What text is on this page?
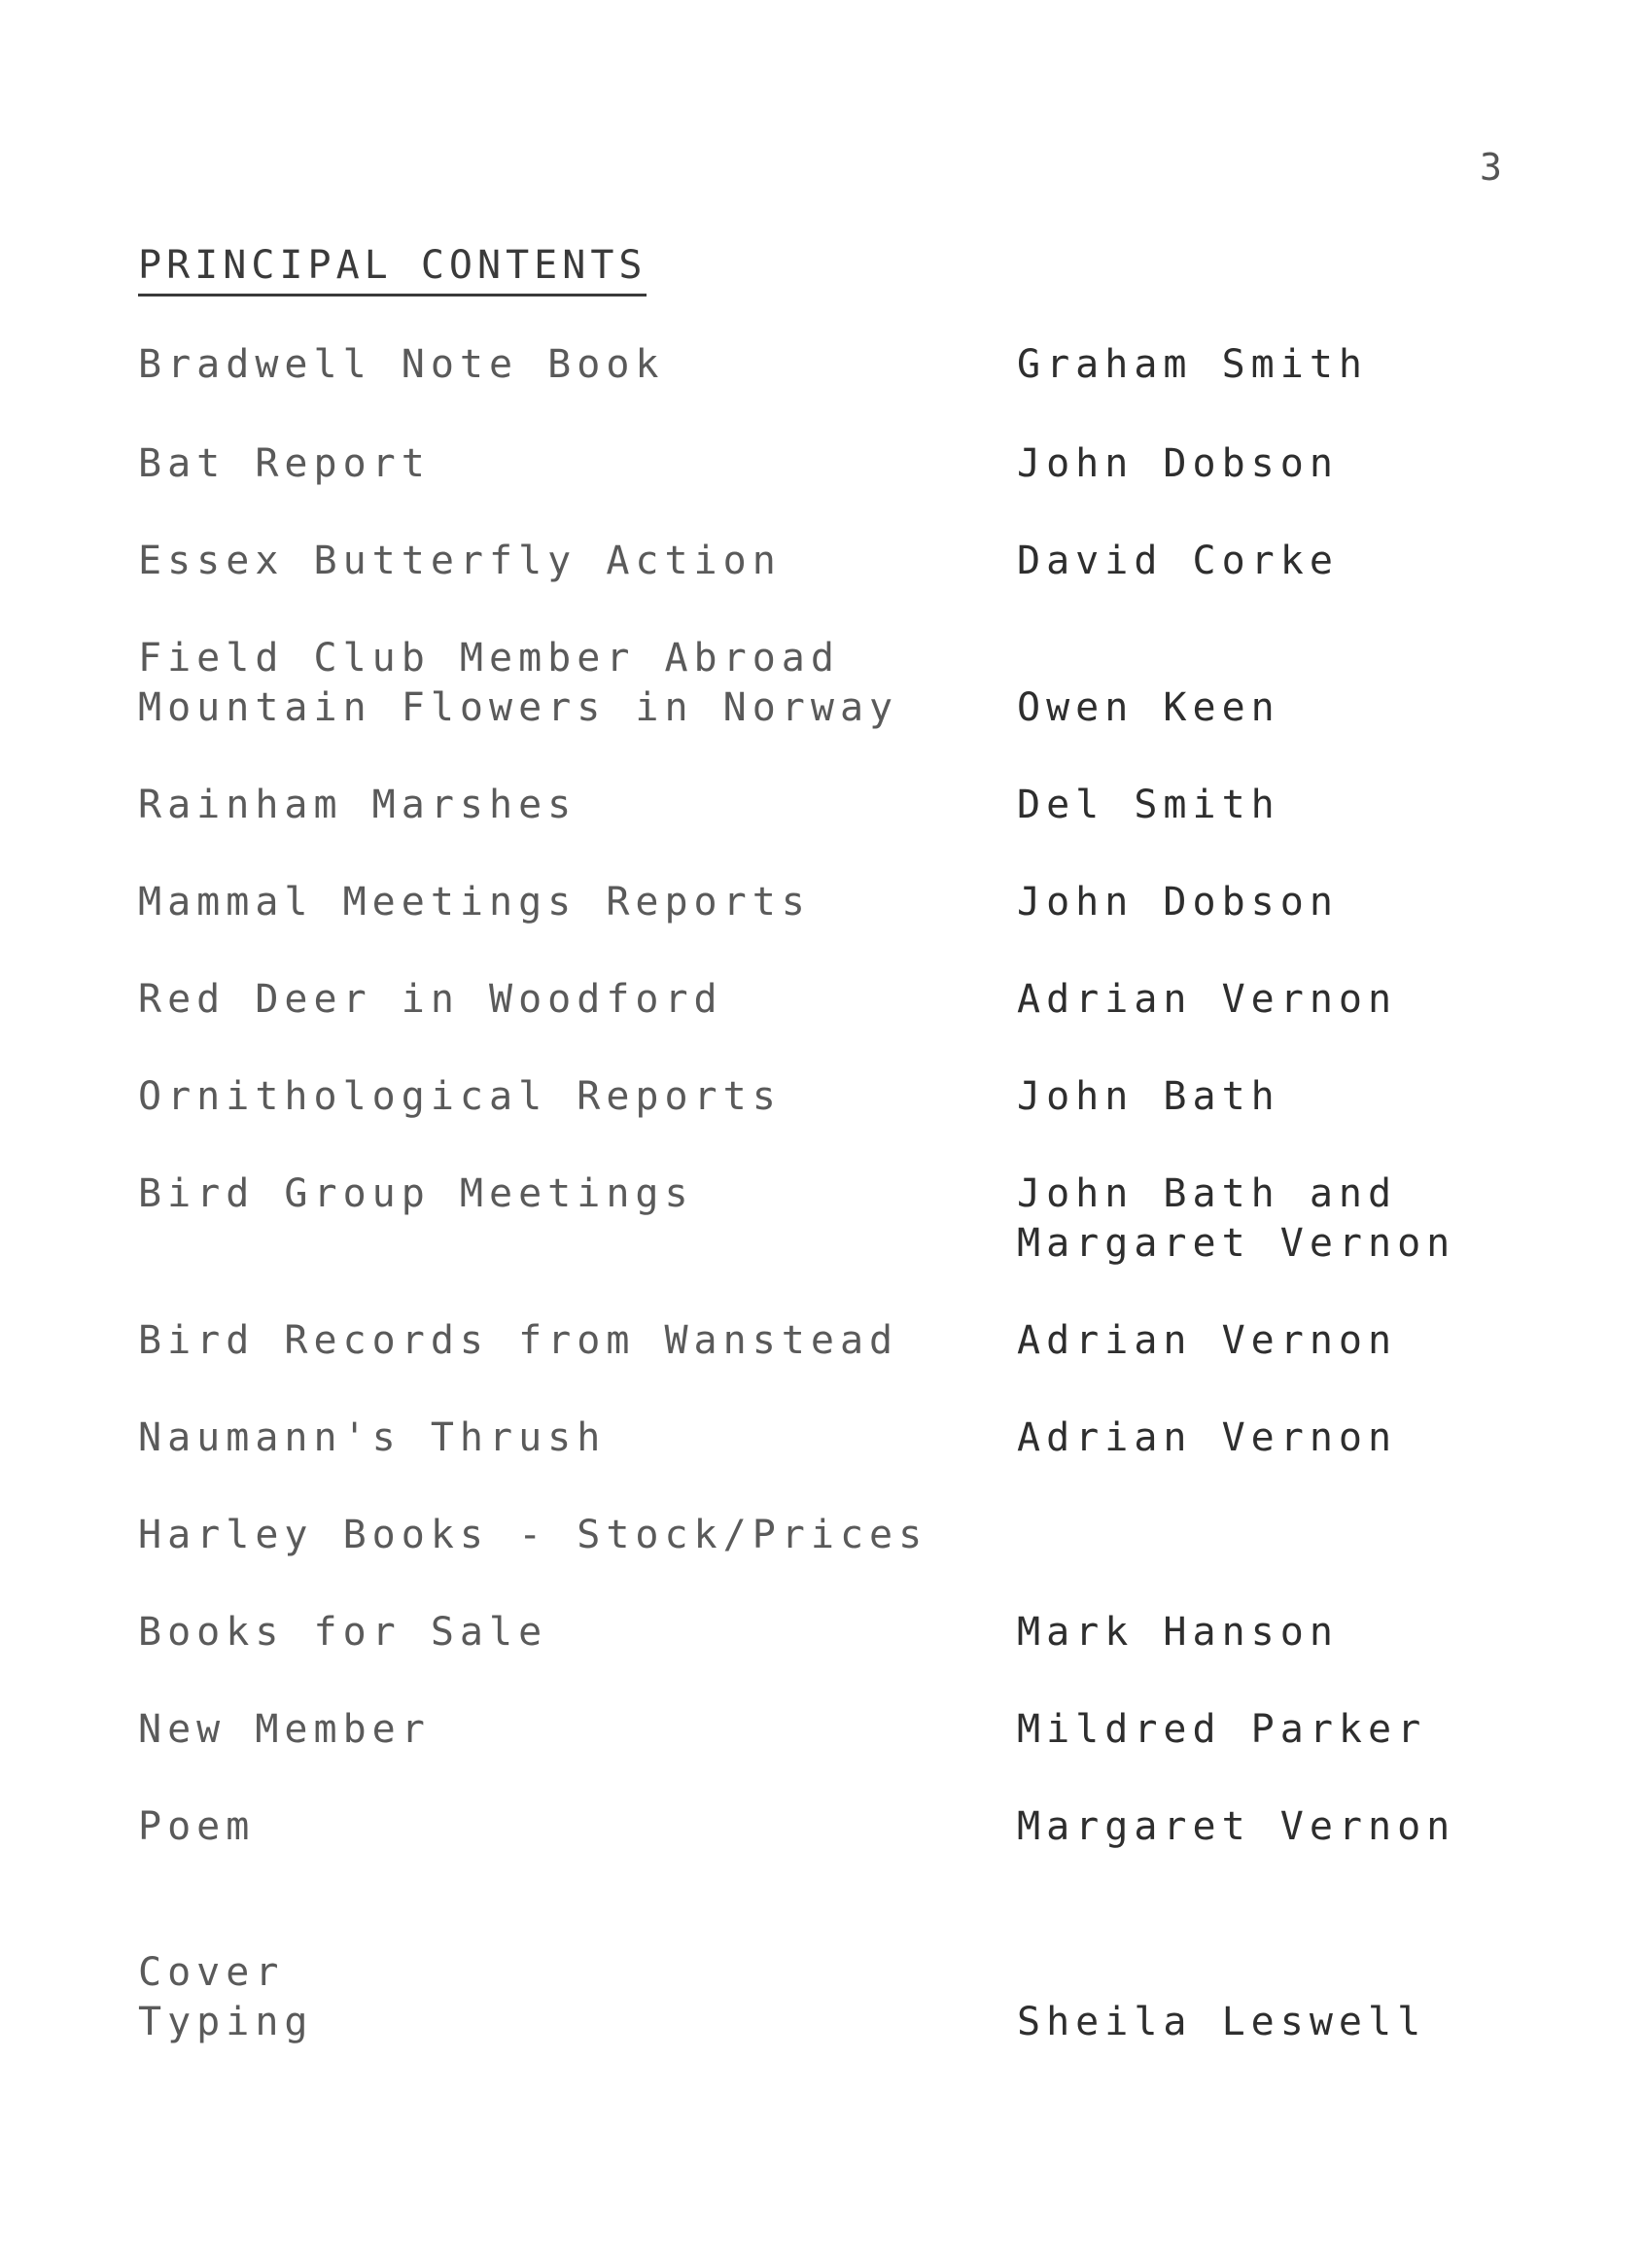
3
PRINCIPAL CONTENTS
Bradwell Note Book	Graham Smith
Bat Report	John Dobson
Essex Butterfly Action	David Corke
Field Club Member Abroad
Mountain Flowers in Norway	Owen Keen
Rainham Marshes	Del Smith
Mammal Meetings Reports	John Dobson
Red Deer in Woodford	Adrian Vernon
Ornithological Reports	John Bath
Bird Group Meetings	John Bath and
Margaret Vernon
Bird Records from Wanstead	Adrian Vernon
Naumann's Thrush	Adrian Vernon
Harley Books - Stock/Prices
Books for Sale	Mark Hanson
New Member	Mildred Parker
Poem	Margaret Vernon
Cover
Typing	Sheila Leswell
